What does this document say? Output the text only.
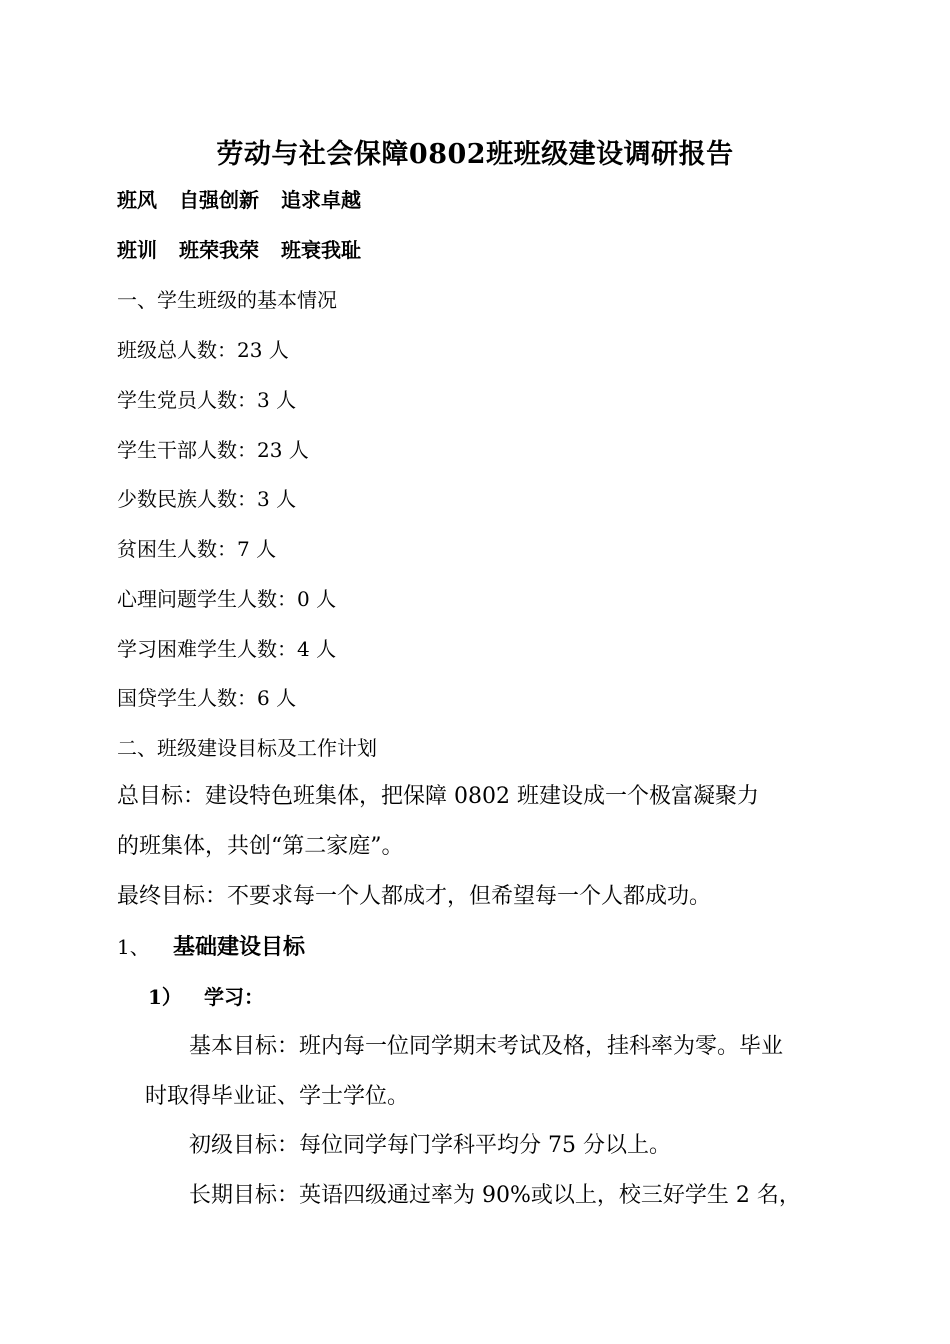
劳动与社会保障0802班班级建设调研报告
班风 自强创新 追求卓越
班训 班荣我荣 班衰我耻
一、学生班级的基本情况
班级总人数：23 人
学生党员人数：3 人
学生干部人数：23 人
少数民族人数：3 人
贫困生人数：7 人
心理问题学生人数：0 人
学习困难学生人数：4 人
国贷学生人数：6 人
二、班级建设目标及工作计划
总目标：建设特色班集体，把保障 0802 班建设成一个极富凝聚力
的班集体，共创“第二家庭”。
最终目标：不要求每一个人都成才，但希望每一个人都成功。
1、 基础建设目标
1） 学习：
基本目标：班内每一位同学期末考试及格，挂科率为零。毕业
时取得毕业证、学士学位。
初级目标：每位同学每门学科平均分 75 分以上。
长期目标：英语四级通过率为 90%或以上，校三好学生 2 名，
